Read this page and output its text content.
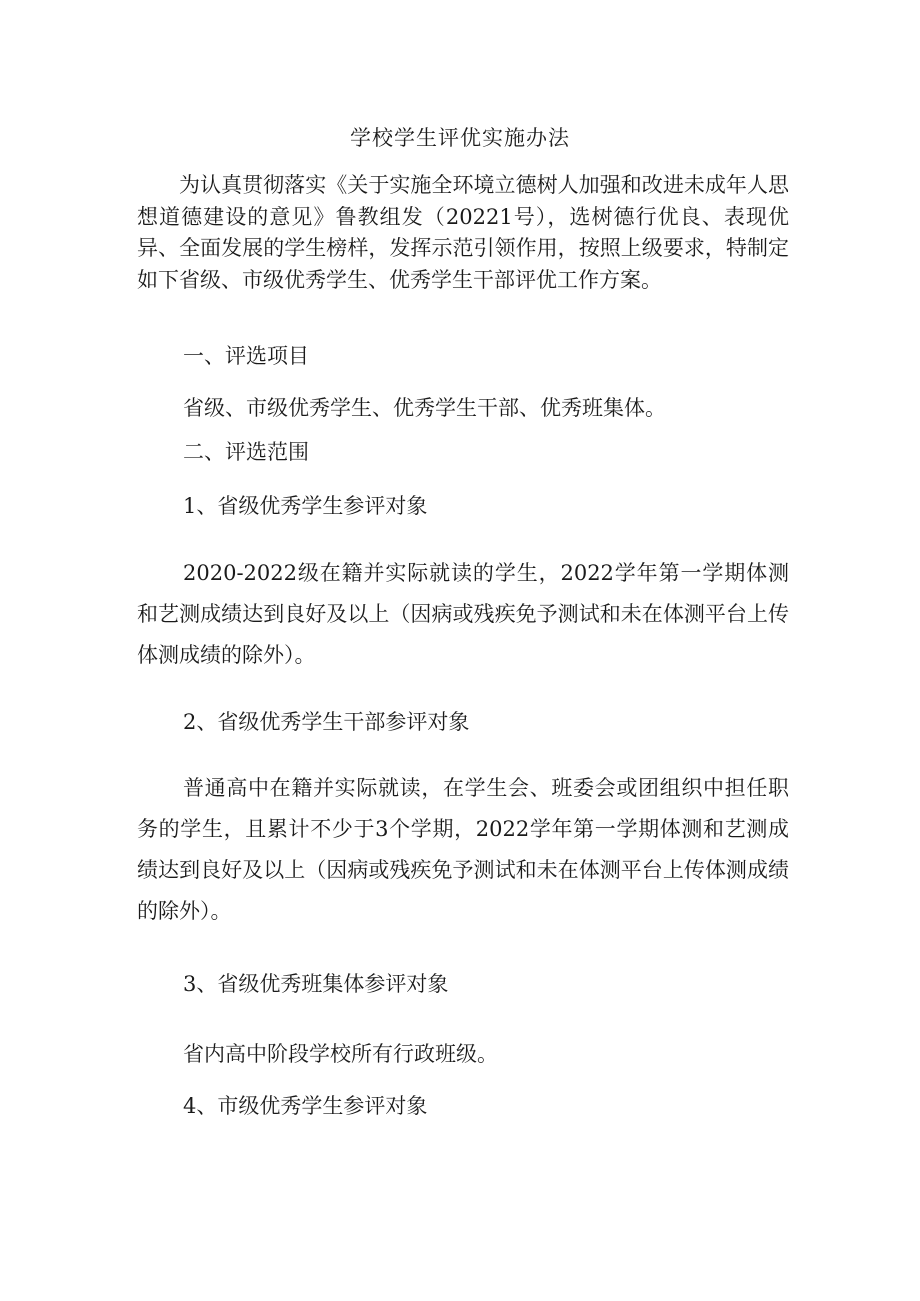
学校学生评优实施办法

为认真贯彻落实《关于实施全环境立德树人加强和改进未成年人思想道德建设的意见》鲁教组发（20221号），选树德行优良、表现优异、全面发展的学生榜样，发挥示范引领作用，按照上级要求，特制定如下省级、市级优秀学生、优秀学生干部评优工作方案。

一、评选项目

省级、市级优秀学生、优秀学生干部、优秀班集体。

二、评选范围

1、省级优秀学生参评对象

2020-2022级在籍并实际就读的学生，2022学年第一学期体测和艺测成绩达到良好及以上（因病或残疾免予测试和未在体测平台上传体测成绩的除外）。

2、省级优秀学生干部参评对象

普通高中在籍并实际就读，在学生会、班委会或团组织中担任职务的学生，且累计不少于3个学期，2022学年第一学期体测和艺测成绩达到良好及以上（因病或残疾免予测试和未在体测平台上传体测成绩的除外）。

3、省级优秀班集体参评对象

省内高中阶段学校所有行政班级。

4、市级优秀学生参评对象
